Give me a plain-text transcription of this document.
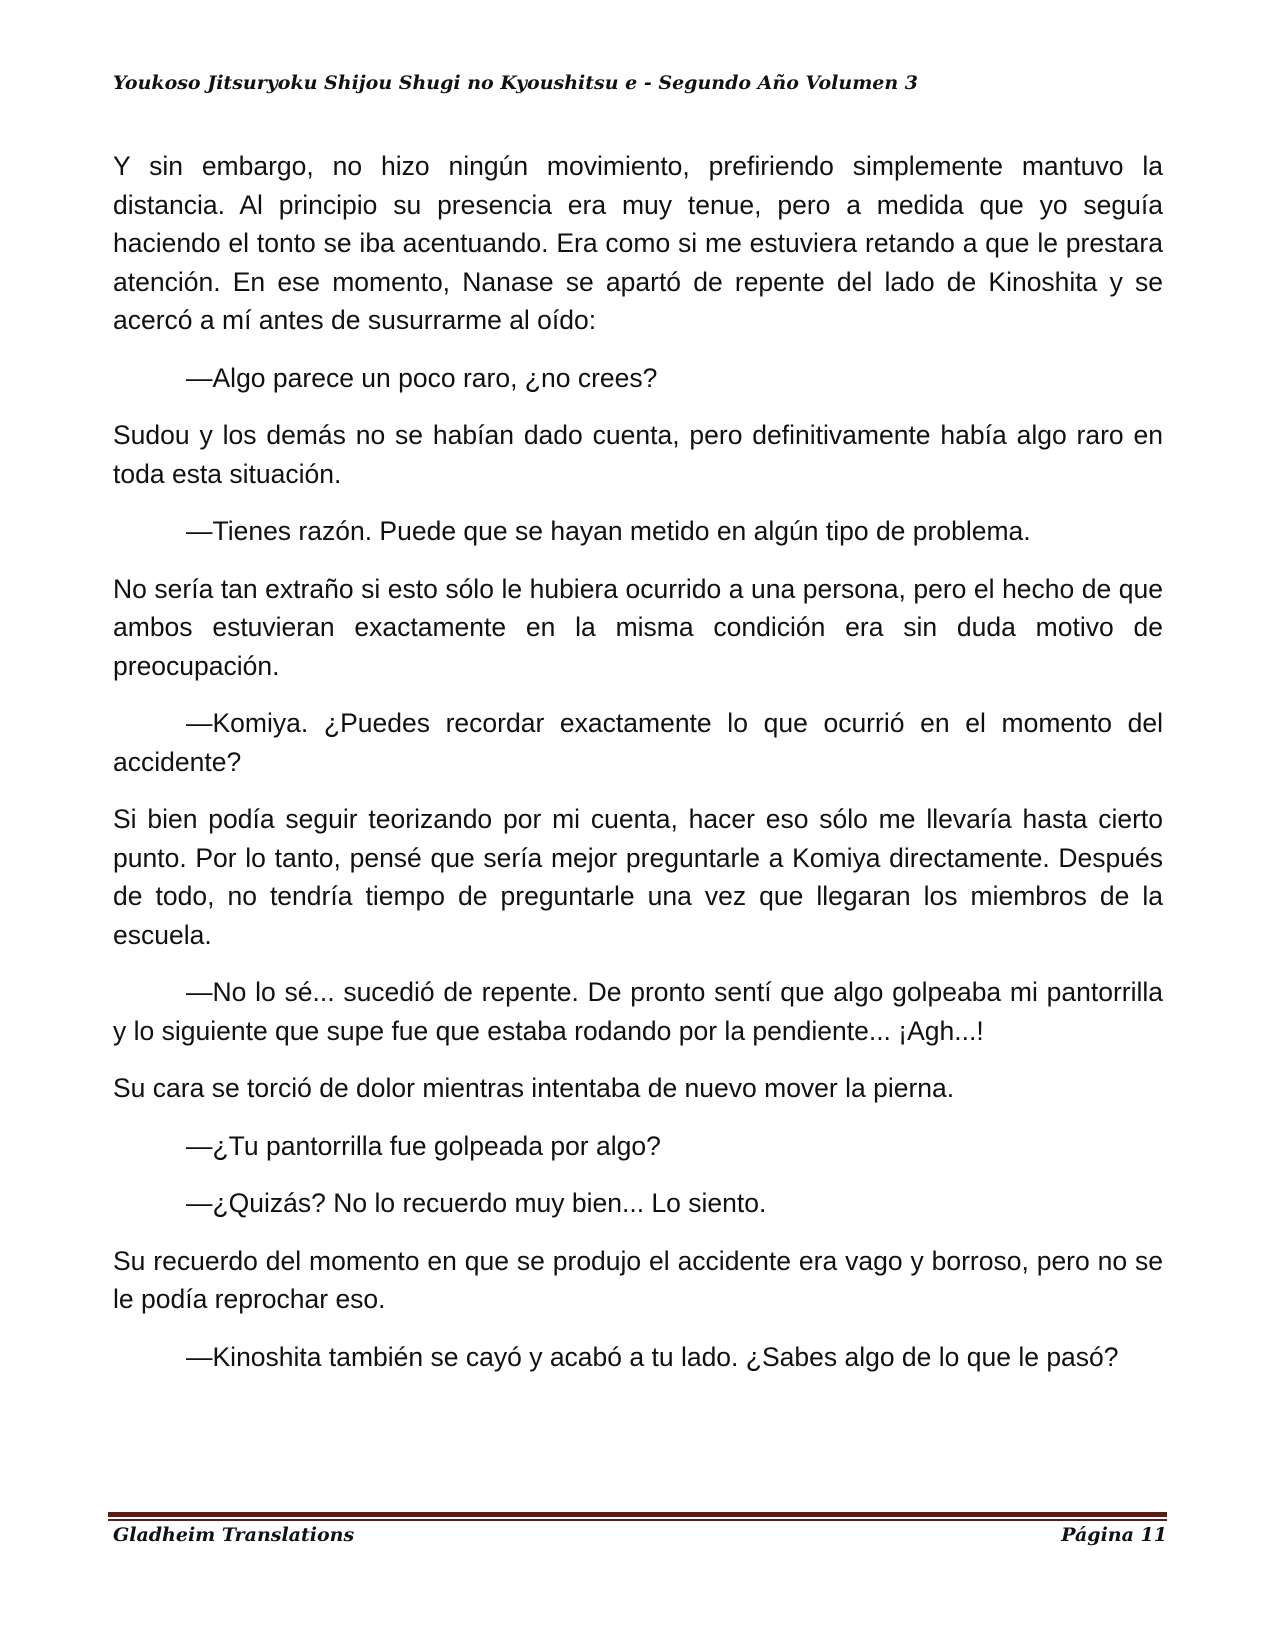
Youkoso Jitsuryoku Shijou Shugi no Kyoushitsu e - Segundo Año Volumen 3

Y sin embargo, no hizo ningún movimiento, prefiriendo simplemente mantuvo la distancia. Al principio su presencia era muy tenue, pero a medida que yo seguía haciendo el tonto se iba acentuando. Era como si me estuviera retando a que le prestara atención. En ese momento, Nanase se apartó de repente del lado de Kinoshita y se acercó a mí antes de susurrarme al oído:

—Algo parece un poco raro, ¿no crees?

Sudou y los demás no se habían dado cuenta, pero definitivamente había algo raro en toda esta situación.

—Tienes razón. Puede que se hayan metido en algún tipo de problema.

No sería tan extraño si esto sólo le hubiera ocurrido a una persona, pero el hecho de que ambos estuvieran exactamente en la misma condición era sin duda motivo de preocupación.

—Komiya. ¿Puedes recordar exactamente lo que ocurrió en el momento del accidente?

Si bien podía seguir teorizando por mi cuenta, hacer eso sólo me llevaría hasta cierto punto. Por lo tanto, pensé que sería mejor preguntarle a Komiya directamente. Después de todo, no tendría tiempo de preguntarle una vez que llegaran los miembros de la escuela.

—No lo sé... sucedió de repente. De pronto sentí que algo golpeaba mi pantorrilla y lo siguiente que supe fue que estaba rodando por la pendiente... ¡Agh...!

Su cara se torció de dolor mientras intentaba de nuevo mover la pierna.

—¿Tu pantorrilla fue golpeada por algo?

—¿Quizás? No lo recuerdo muy bien... Lo siento.

Su recuerdo del momento en que se produjo el accidente era vago y borroso, pero no se le podía reprochar eso.

—Kinoshita también se cayó y acabó a tu lado. ¿Sabes algo de lo que le pasó?

Gladheim Translations	Página 11
